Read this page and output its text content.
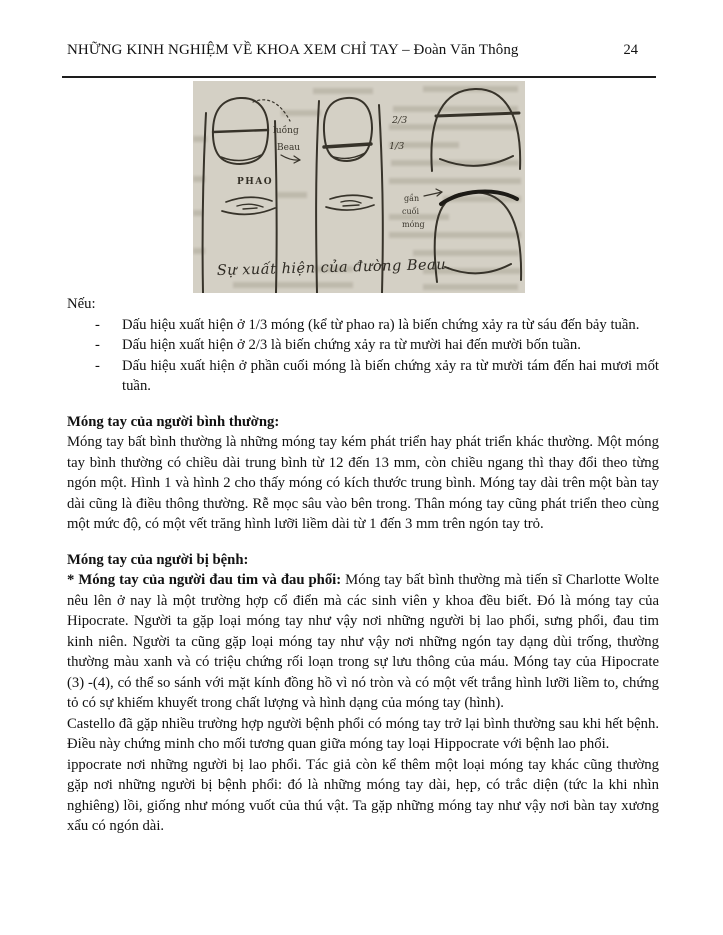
NHỮNG KINH NGHIỆM VỀ KHOA XEM CHỈ TAY – Đoàn Văn Thông	24
PHAO
luồng
Beau	1/3
2/3
gần
cuối
móng
Sự xuất hiện của đường Beau.
Nếu:
- Dấu hiệu xuất hiện ở 1/3 móng (kể từ phao ra) là biến chứng xảy ra từ sáu đến bảy tuần.
- Dấu hiện xuất hiện ở 2/3 là biến chứng xảy ra từ mười hai đến mười bốn tuần.
- Dấu hiệu xuất hiện ở phần cuối móng là biến chứng xảy ra từ mười tám đến hai mươi mốt tuần.
Móng tay của người bình thường:

Móng tay bất bình thường là những móng tay kém phát triển hay phát triển khác thường. Một móng tay bình thường có chiều dài trung bình từ 12 đến 13 mm, còn chiều ngang thì thay đổi theo từng ngón một. Hình 1 và hình 2 cho thấy móng có kích thước trung bình. Móng tay dài trên một bàn tay dài cũng là điều thông thường. Rễ mọc sâu vào bên trong. Thân móng tay cũng phát triển theo cùng một mức độ, có một vết trăng hình lưỡi liềm dài từ 1 đến 3 mm trên ngón tay trỏ.

Móng tay của người bị bệnh:

* Móng tay của người đau tim và đau phổi: Móng tay bất bình thường mà tiến sĩ Charlotte Wolte nêu lên ở nay là một trường hợp cổ điển mà các sinh viên y khoa đều biết. Đó là móng tay của Hipocrate. Người ta gặp loại móng tay như vậy nơi những người bị lao phổi, sưng phổi, đau tim kinh niên. Người ta cũng gặp loại móng tay như vậy nơi những ngón tay dạng dùi trống, thường thường màu xanh và có triệu chứng rối loạn trong sự lưu thông của máu. Móng tay của Hipocrate (3) -(4), có thể so sánh với mặt kính đồng hồ vì nó tròn và có một vết trắng hình lưỡi liềm to, chứng tỏ có sự khiếm khuyết trong chất lượng và hình dạng của móng tay (hình).

Castello đã gặp nhiều trường hợp người bệnh phổi có móng tay trở lại bình thường sau khi hết bệnh. Điều này chứng minh cho mối tương quan giữa móng tay loại Hippocrate với bệnh lao phổi.

ippocrate nơi những người bị lao phổi. Tác giả còn kể thêm một loại móng tay khác cũng thường gặp nơi những người bị bệnh phổi: đó là những móng tay dài, hẹp, có trắc diện (tức la khi nhìn nghiêng) lồi, giống như móng vuốt của thú vật. Ta gặp những móng tay như vậy nơi bàn tay xương xẩu có ngón dài.
